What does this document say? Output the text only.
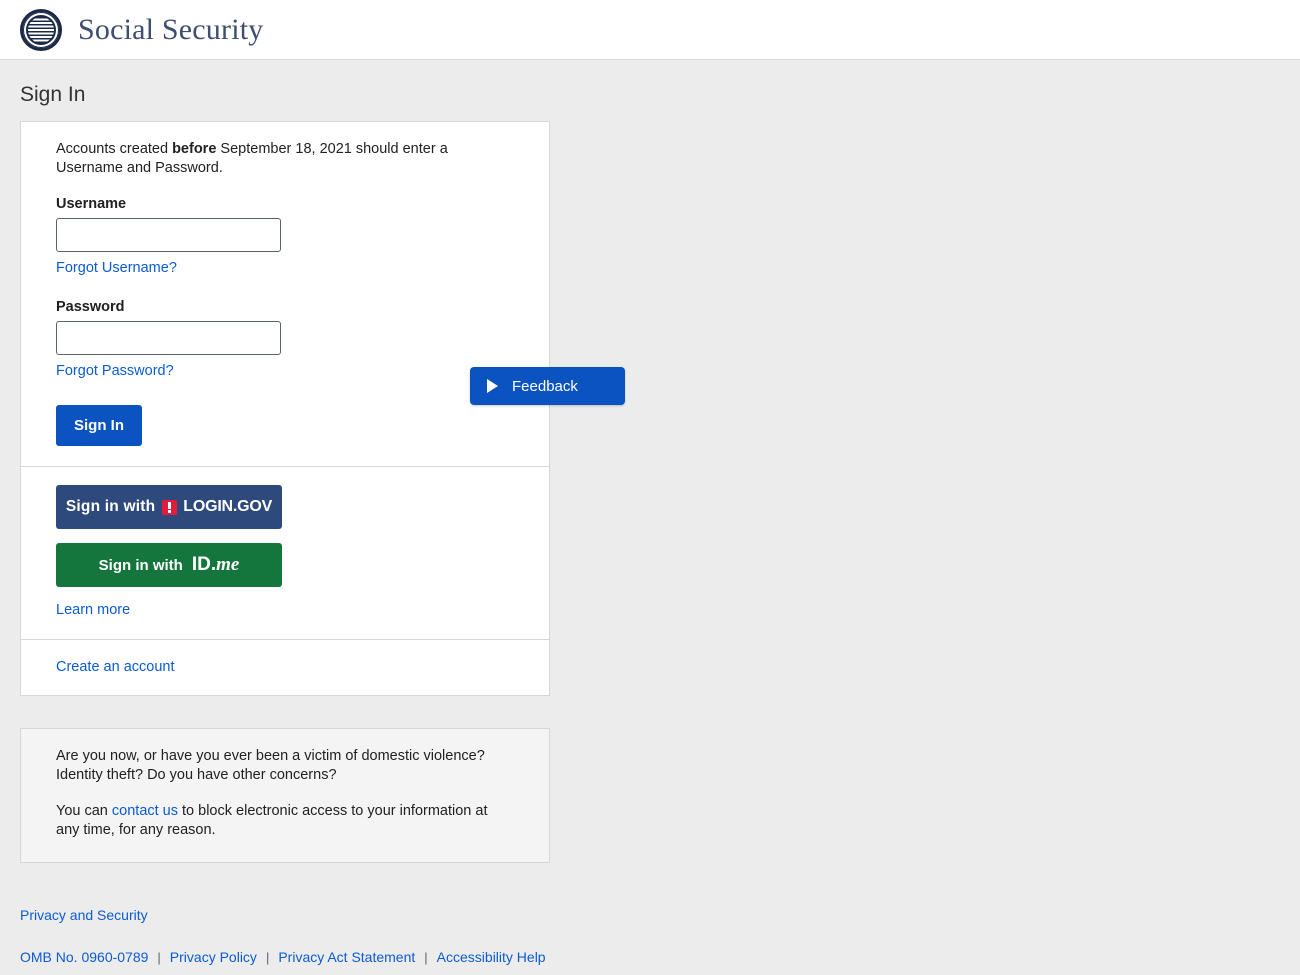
Social Security
Sign In
Feedback

Accounts created before September 18, 2021 should enter a Username and Password.

Username

Forgot Username?

Password

Forgot Password?

Sign In
Sign in with LOGIN.GOV
Sign in with ID.me
Learn more
Create an account

Are you now, or have you ever been a victim of domestic violence? Identity theft? Do you have other concerns?

You can contact us to block electronic access to your information at any time, for any reason.

Privacy and Security
OMB No. 0960-0789 | Privacy Policy | Privacy Act Statement | Accessibility Help
